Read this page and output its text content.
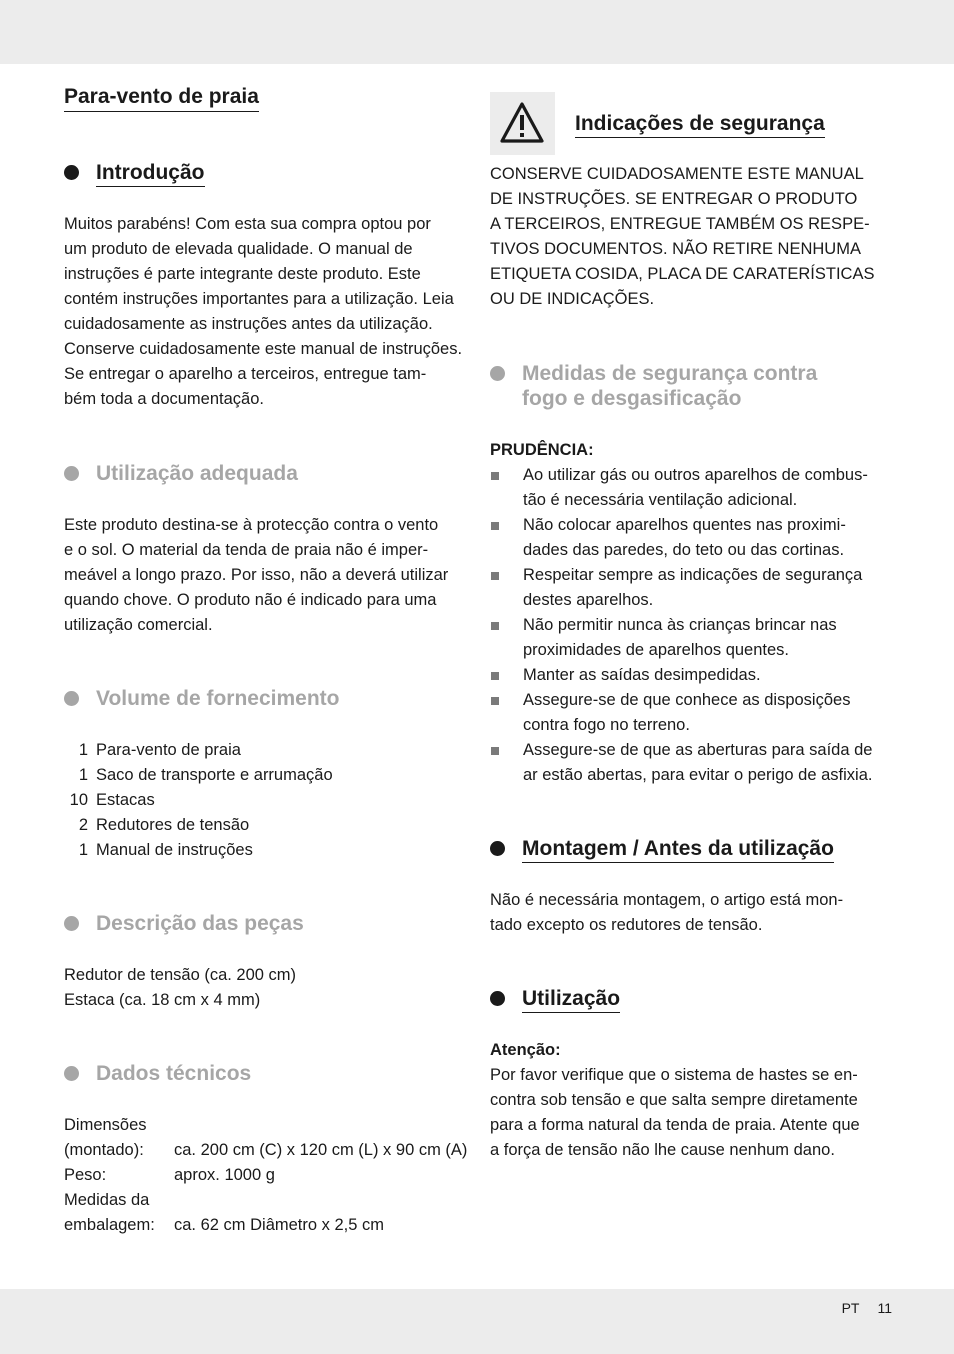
Para-vento de praia
Introdução
Muitos parabéns! Com esta sua compra optou por
um produto de elevada qualidade. O manual de
instruções é parte integrante deste produto. Este
contém instruções importantes para a utilização. Leia
cuidadosamente as instruções antes da utilização.
Conserve cuidadosamente este manual de instruções.
Se entregar o aparelho a terceiros, entregue tam-
bém toda a documentação.
Utilização adequada
Este produto destina-se à protecção contra o vento
e o sol. O material da tenda de praia não é imper-
meável a longo prazo. Por isso, não a deverá utilizar
quando chove. O produto não é indicado para uma
utilização comercial.
Volume de fornecimento
1 Para-vento de praia
1 Saco de transporte e arrumação
10 Estacas
2 Redutores de tensão
1 Manual de instruções
Descrição das peças
Redutor de tensão (ca. 200 cm)
Estaca (ca. 18 cm x 4 mm)
Dados técnicos
Dimensões
(montado):	ca. 200 cm (C) x 120 cm (L) x 90 cm (A)
Peso:	aprox. 1000 g
Medidas da
embalagem:	ca. 62 cm Diâmetro x 2,5 cm
Indicações de segurança
CONSERVE CUIDADOSAMENTE ESTE MANUAL
DE INSTRUÇÕES. SE ENTREGAR O PRODUTO
A TERCEIROS, ENTREGUE TAMBÉM OS RESPE-
TIVOS DOCUMENTOS. NÃO RETIRE NENHUMA
ETIQUETA COSIDA, PLACA DE CARATERÍSTICAS
OU DE INDICAÇÕES.
Medidas de segurança contra
fogo e desgasificação
PRUDÊNCIA:
Ao utilizar gás ou outros aparelhos de combus-
tão é necessária ventilação adicional.
Não colocar aparelhos quentes nas proximi-
dades das paredes, do teto ou das cortinas.
Respeitar sempre as indicações de segurança
destes aparelhos.
Não permitir nunca às crianças brincar nas
proximidades de aparelhos quentes.
Manter as saídas desimpedidas.
Assegure-se de que conhece as disposições
contra fogo no terreno.
Assegure-se de que as aberturas para saída de
ar estão abertas, para evitar o perigo de asfixia.
Montagem / Antes da utilização
Não é necessária montagem, o artigo está mon-
tado excepto os redutores de tensão.
Utilização
Atenção:
Por favor verifique que o sistema de hastes se en-
contra sob tensão e que salta sempre diretamente
para a forma natural da tenda de praia. Atente que
a força de tensão não lhe cause nenhum dano.
PT 11
